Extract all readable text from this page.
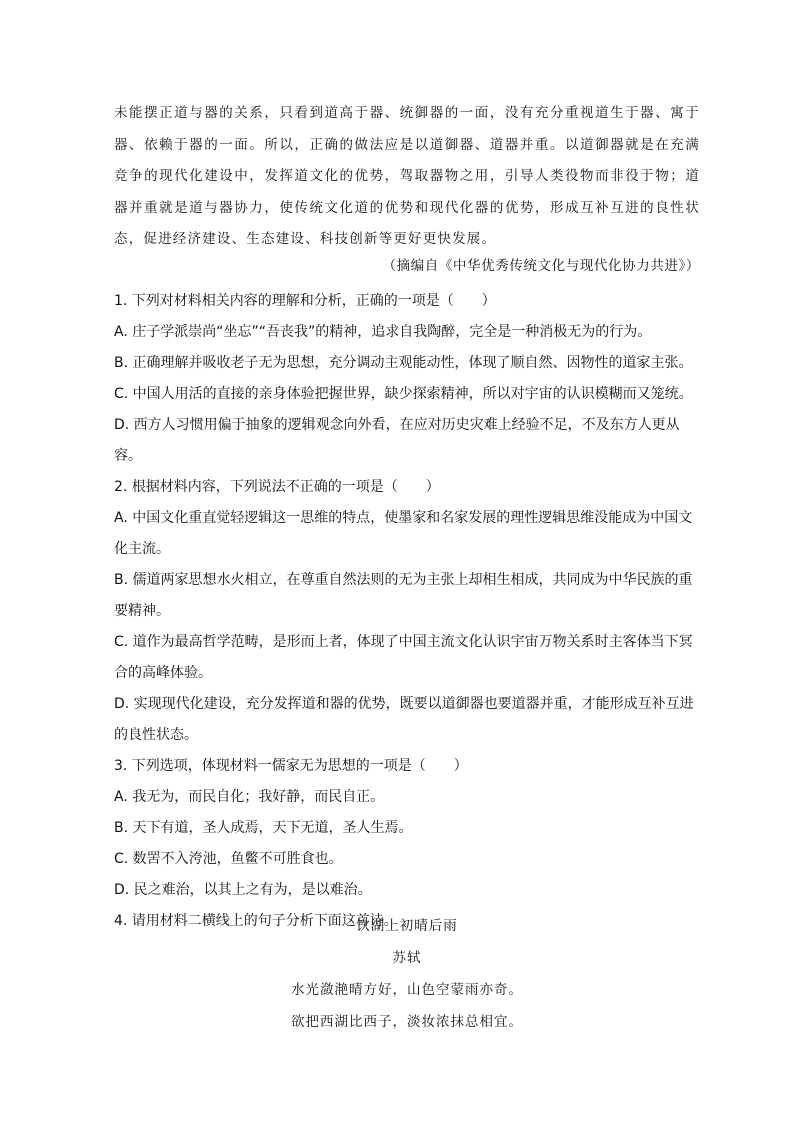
未能摆正道与器的关系，只看到道高于器、统御器的一面，没有充分重视道生于器、寓于器、依赖于器的一面。所以，正确的做法应是以道御器、道器并重。以道御器就是在充满竞争的现代化建设中，发挥道文化的优势，驾取器物之用，引导人类役物而非役于物；道器并重就是道与器协力，使传统文化道的优势和现代化器的优势，形成互补互进的良性状态，促进经济建设、生态建设、科技创新等更好更快发展。

（摘编自《中华优秀传统文化与现代化协力共进》）

1. 下列对材料相关内容的理解和分析，正确的一项是（　　）

A. 庄子学派崇尚“坐忘”“吾丧我”的精神，追求自我陶醉，完全是一种消极无为的行为。

B. 正确理解并吸收老子无为思想，充分调动主观能动性，体现了顺自然、因物性的道家主张。

C. 中国人用活的直接的亲身体验把握世界，缺少探索精神，所以对宇宙的认识模糊而又笼统。

D. 西方人习惯用偏于抽象的逻辑观念向外看，在应对历史灾难上经验不足，不及东方人更从容。

2. 根据材料内容，下列说法不正确的一项是（　　）

A. 中国文化重直觉轻逻辑这一思维的特点，使墨家和名家发展的理性逻辑思维没能成为中国文化主流。

B. 儒道两家思想水火相立，在尊重自然法则的无为主张上却相生相成，共同成为中华民族的重要精神。

C. 道作为最高哲学范畴，是形而上者，体现了中国主流文化认识宇宙万物关系时主客体当下冥合的高峰体验。

D. 实现现代化建设，充分发挥道和器的优势，既要以道御器也要道器并重，才能形成互补互进的良性状态。

3. 下列选项，体现材料一儒家无为思想的一项是（　　）

A. 我无为，而民自化；我好静，而民自正。

B. 天下有道，圣人成焉，天下无道，圣人生焉。

C. 数罟不入洿池，鱼鳖不可胜食也。

D. 民之难治，以其上之有为，是以难治。

4. 请用材料二横线上的句子分析下面这首诗。

饮湖上初晴后雨
苏轼
水光潋滟晴方好，山色空蒙雨亦奇。
欲把西湖比西子，淡妆浓抹总相宜。
